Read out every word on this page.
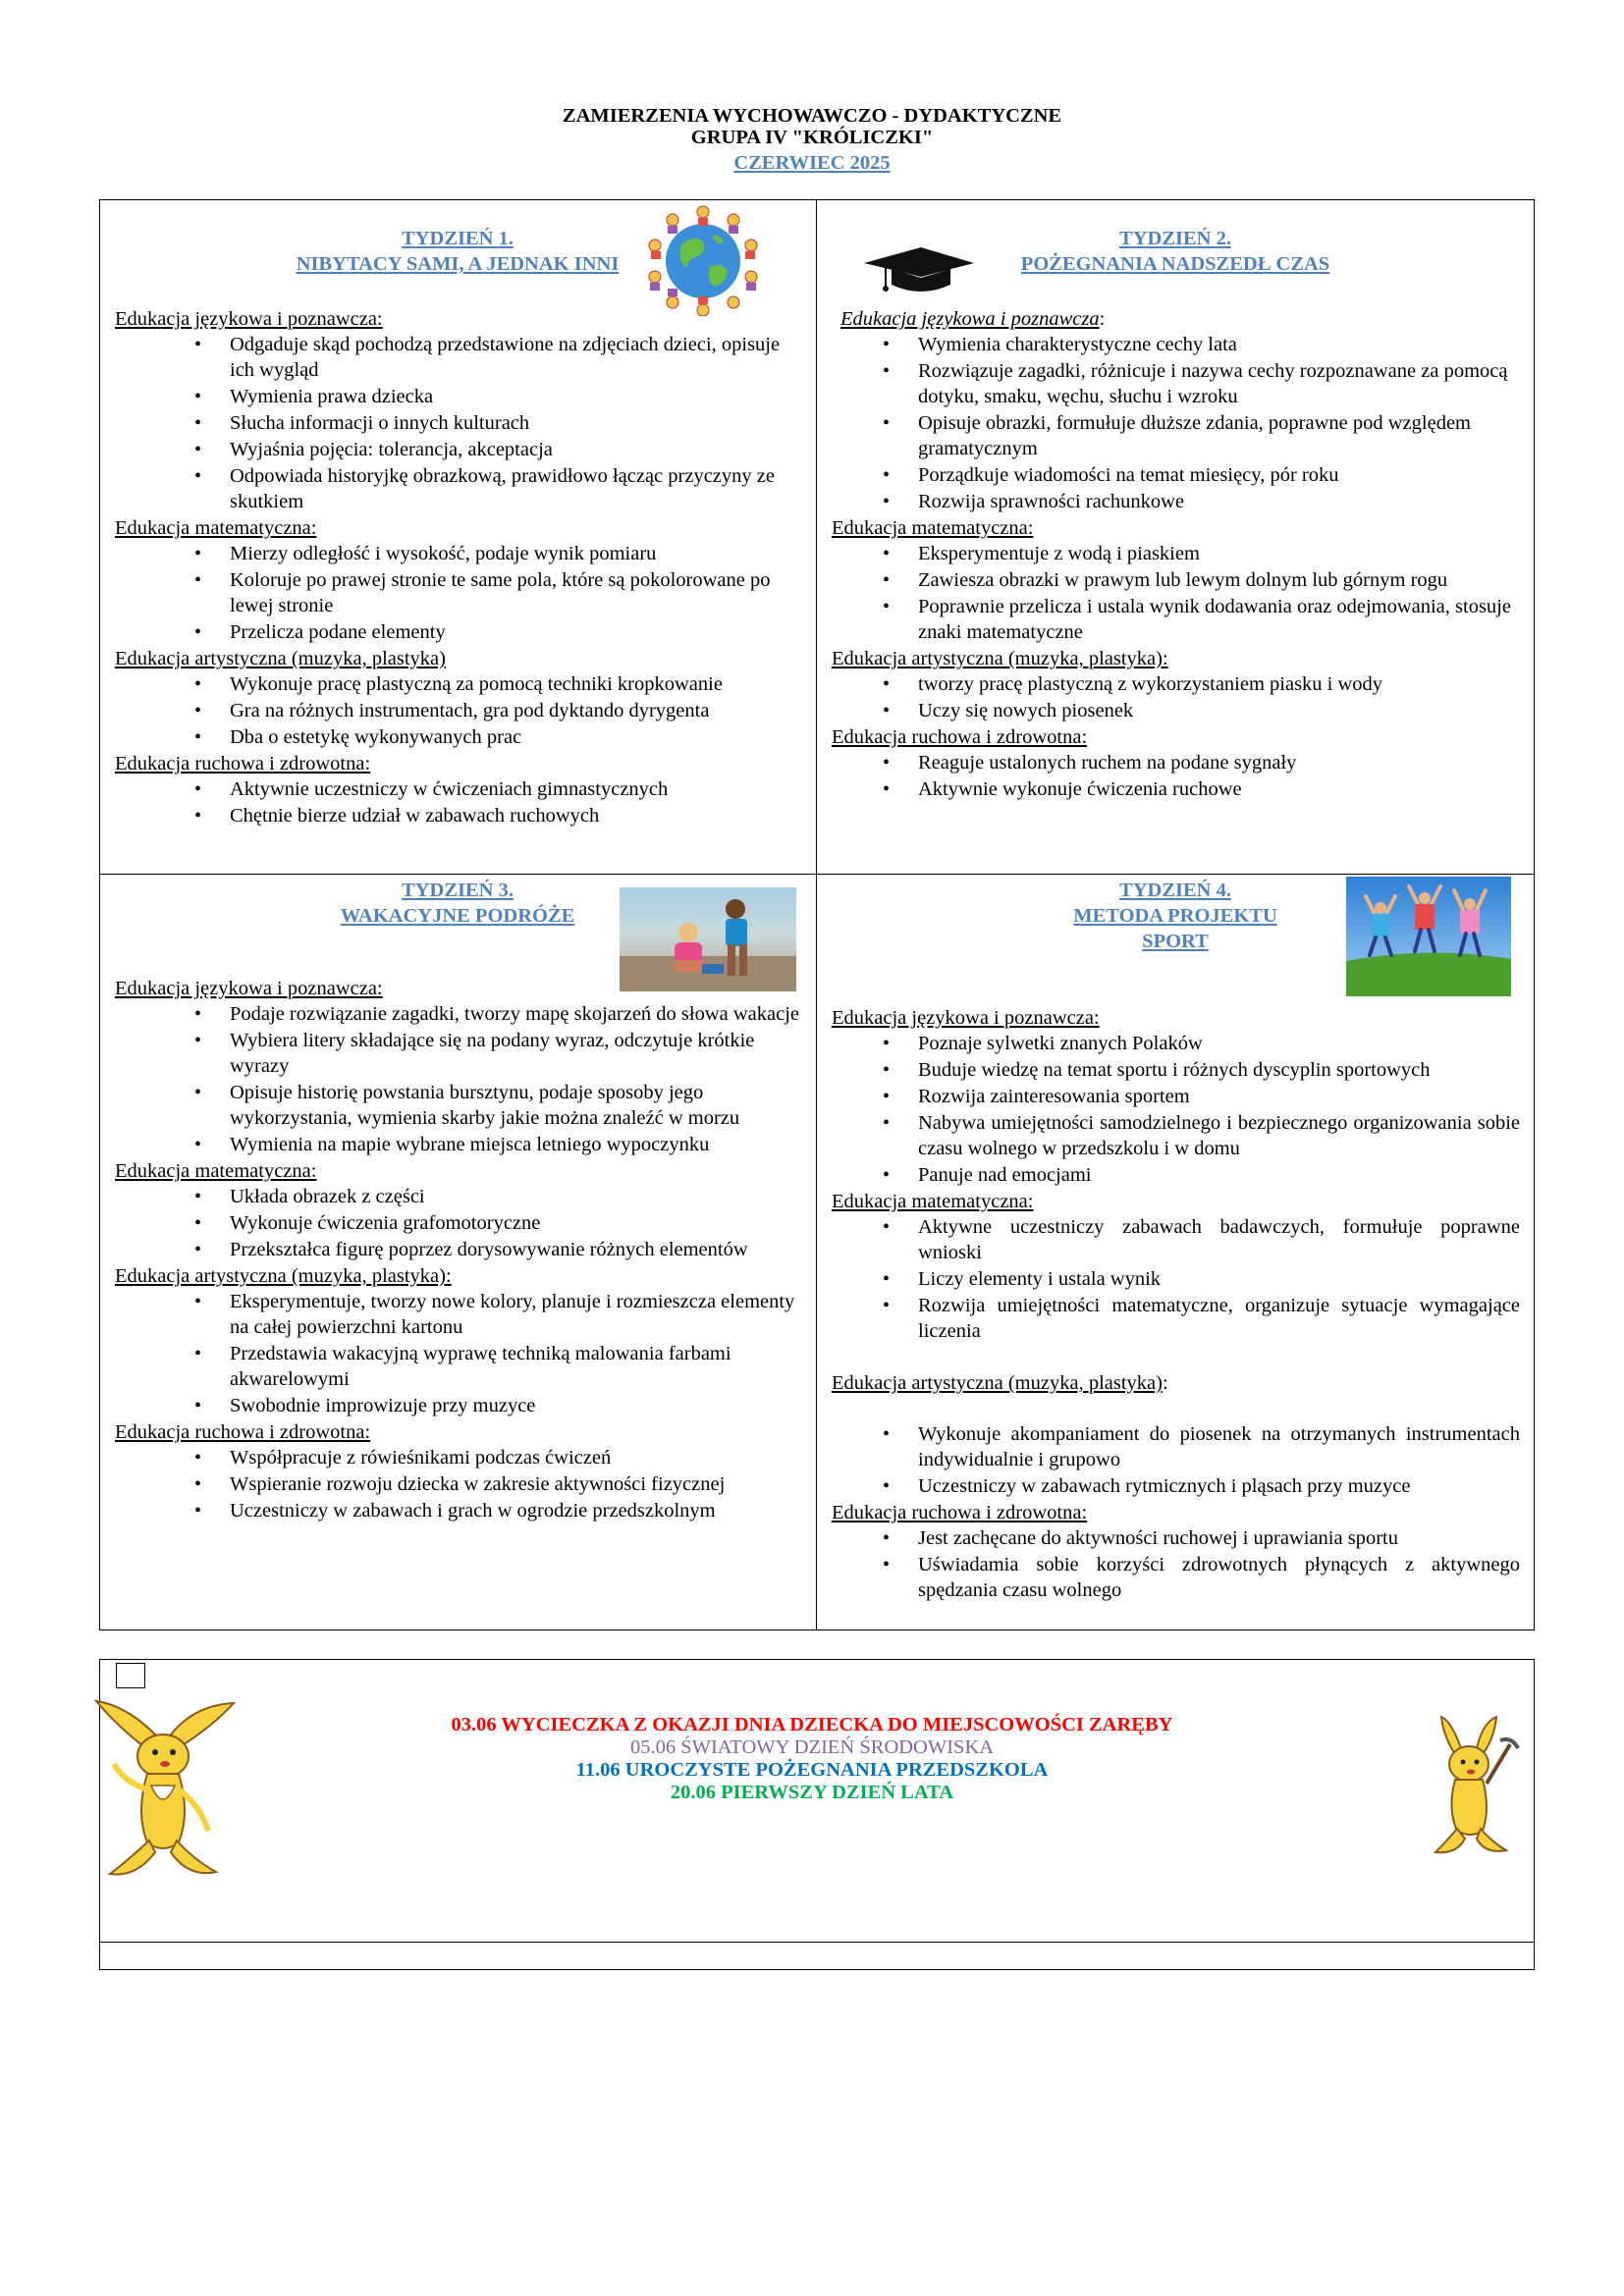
ZAMIERZENIA WYCHOWAWCZO - DYDAKTYCZNE
GRUPA IV "KRÓLICZKI"
CZERWIEC 2025
TYDZIEŃ 1.
NIBYTACY SAMI, A JEDNAK INNI

Edukacja językowa i poznawcza:

• Odgaduje skąd pochodzą przedstawione na zdjęciach dzieci, opisuje ich wygląd
• Wymienia prawa dziecka
• Słucha informacji o innych kulturach
• Wyjaśnia pojęcia: tolerancja, akceptacja
• Odpowiada historyjkę obrazkową, prawidłowo łącząc przyczyny ze skutkiem

Edukacja matematyczna:

• Mierzy odległość i wysokość, podaje wynik pomiaru
• Koloruje po prawej stronie te same pola, które są pokolorowane po lewej stronie
• Przelicza podane elementy

Edukacja artystyczna (muzyka, plastyka)

• Wykonuje pracę plastyczną za pomocą techniki kropkowanie
• Gra na różnych instrumentach, gra pod dyktando dyrygenta
• Dba o estetykę wykonywanych prac

Edukacja ruchowa i zdrowotna:

• Aktywnie uczestniczy w ćwiczeniach gimnastycznych
• Chętnie bierze udział w zabawach ruchowych
TYDZIEŃ 2.
POŻEGNANIA NADSZEDŁ CZAS

Edukacja językowa i poznawcza:

• Wymienia charakterystyczne cechy lata
• Rozwiązuje zagadki, różnicuje i nazywa cechy rozpoznawane za pomocą dotyku, smaku, węchu, słuchu i wzroku
• Opisuje obrazki, formułuje dłuższe zdania, poprawne pod względem gramatycznym
• Porządkuje wiadomości na temat miesięcy, pór roku
• Rozwija sprawności rachunkowe

Edukacja matematyczna:

• Eksperymentuje z wodą i piaskiem
• Zawiesza obrazki w prawym lub lewym dolnym lub górnym rogu
• Poprawnie przelicza i ustala wynik dodawania oraz odejmowania, stosuje znaki matematyczne

Edukacja artystyczna (muzyka, plastyka):

• tworzy pracę plastyczną z wykorzystaniem piasku i wody
• Uczy się nowych piosenek

Edukacja ruchowa i zdrowotna:

• Reaguje ustalonych ruchem na podane sygnały
• Aktywnie wykonuje ćwiczenia ruchowe
TYDZIEŃ 3.
WAKACYJNE PODRÓŻE

Edukacja językowa i poznawcza:

• Podaje rozwiązanie zagadki, tworzy mapę skojarzeń do słowa wakacje
• Wybiera litery składające się na podany wyraz, odczytuje krótkie wyrazy
• Opisuje historię powstania bursztynu, podaje sposoby jego wykorzystania, wymienia skarby jakie można znaleźć w morzu
• Wymienia na mapie wybrane miejsca letniego wypoczynku

Edukacja matematyczna:

• Układa obrazek z części
• Wykonuje ćwiczenia grafomotoryczne
• Przekształca figurę poprzez dorysowywanie różnych elementów

Edukacja artystyczna (muzyka, plastyka):

• Eksperymentuje, tworzy nowe kolory, planuje i rozmieszcza elementy na całej powierzchni kartonu
• Przedstawia wakacyjną wyprawę techniką malowania farbami akwarelowymi
• Swobodnie improwizuje przy muzyce

Edukacja ruchowa i zdrowotna:

• Współpracuje z rówieśnikami podczas ćwiczeń
• Wspieranie rozwoju dziecka w zakresie aktywności fizycznej
• Uczestniczy w zabawach i grach w ogrodzie przedszkolnym
TYDZIEŃ 4.
METODA PROJEKTU
SPORT

Edukacja językowa i poznawcza:

• Poznaje sylwetki znanych Polaków
• Buduje wiedzę na temat sportu i różnych dyscyplin sportowych
• Rozwija zainteresowania sportem
• Nabywa umiejętności samodzielnego i bezpiecznego organizowania sobie czasu wolnego w przedszkolu i w domu
• Panuje nad emocjami

Edukacja matematyczna:

• Aktywne uczestniczy zabawach badawczych, formułuje poprawne wnioski
• Liczy elementy i ustala wynik
• Rozwija umiejętności matematyczne, organizuje sytuacje wymagające liczenia

Edukacja artystyczna (muzyka, plastyka):

• Wykonuje akompaniament do piosenek na otrzymanych instrumentach indywidualnie i grupowo
• Uczestniczy w zabawach rytmicznych i pląsach przy muzyce

Edukacja ruchowa i zdrowotna:

• Jest zachęcane do aktywności ruchowej i uprawiania sportu
• Uświadamia sobie korzyści zdrowotnych płynących z aktywnego spędzania czasu wolnego
03.06 WYCIECZKA Z OKAZJI DNIA DZIECKA DO MIEJSCOWOŚCI ZARĘBY
05.06 ŚWIATOWY DZIEŃ ŚRODOWISKA
11.06 UROCZYSTE POŻEGNANIA PRZEDSZKOLA
20.06 PIERWSZY DZIEŃ LATA
